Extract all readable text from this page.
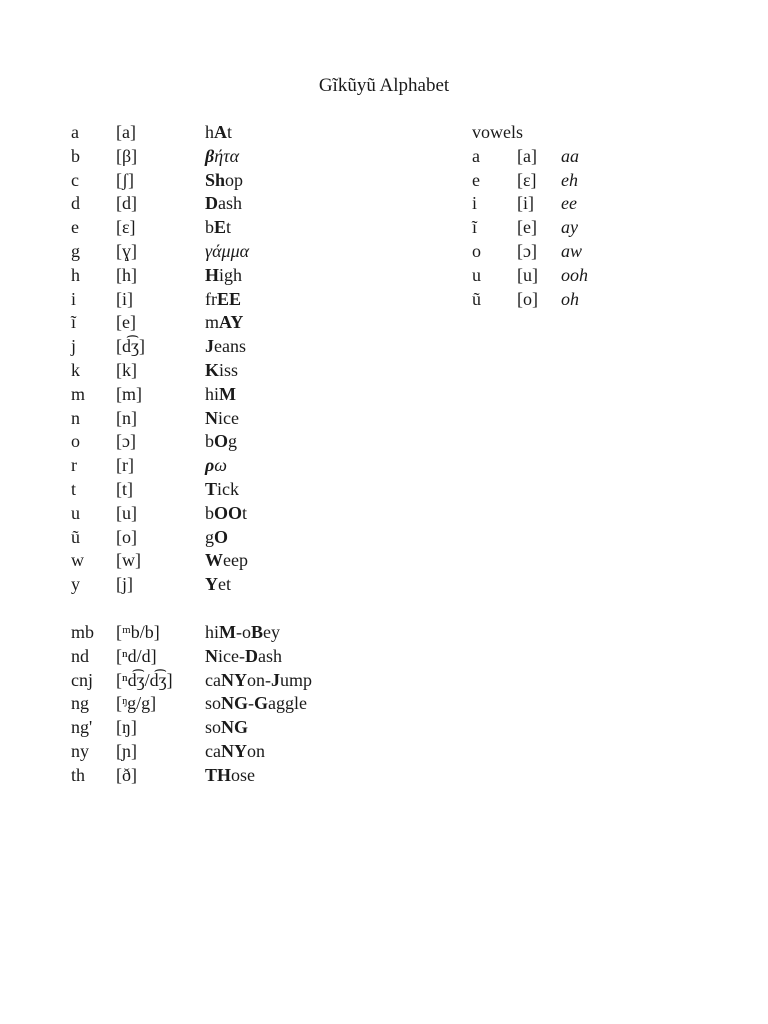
Gĩkũyũ Alphabet
a [a]	hAt
b [β]	βήτα
c [ʃ]	Shop
d [d]	Dash
e [ɛ]	bEt
g [ɣ]	γάμμα
h [h]	High
i [i]	frEE
ĩ [e]	mAY
j [d͡ʒ]	Jeans
k [k]	Kiss
m [m]	hiM
n [n]	Nice
o [ɔ]	bOg
r [r]	ρω
t [t]	Tick
u [u]	bOOt
ũ [o]	gO
w [w]	Weep
y [j]	Yet
mb [ᵐb/b]	hiM-oBey
nd [ⁿd/d]	Nice-Dash
cnj [ⁿd͡ʒ/d͡ʒ] caNYon-Jump
ng [ᵑg/g]	soNG-Gaggle
ng' [ŋ]	soNG
ny [ɲ]	caNYon
th [ð]	THose
vowels
a [a] aa
e [ɛ] eh
i [i] ee
ĩ [e] ay
o [ɔ] aw
u [u] ooh
ũ [o] oh
